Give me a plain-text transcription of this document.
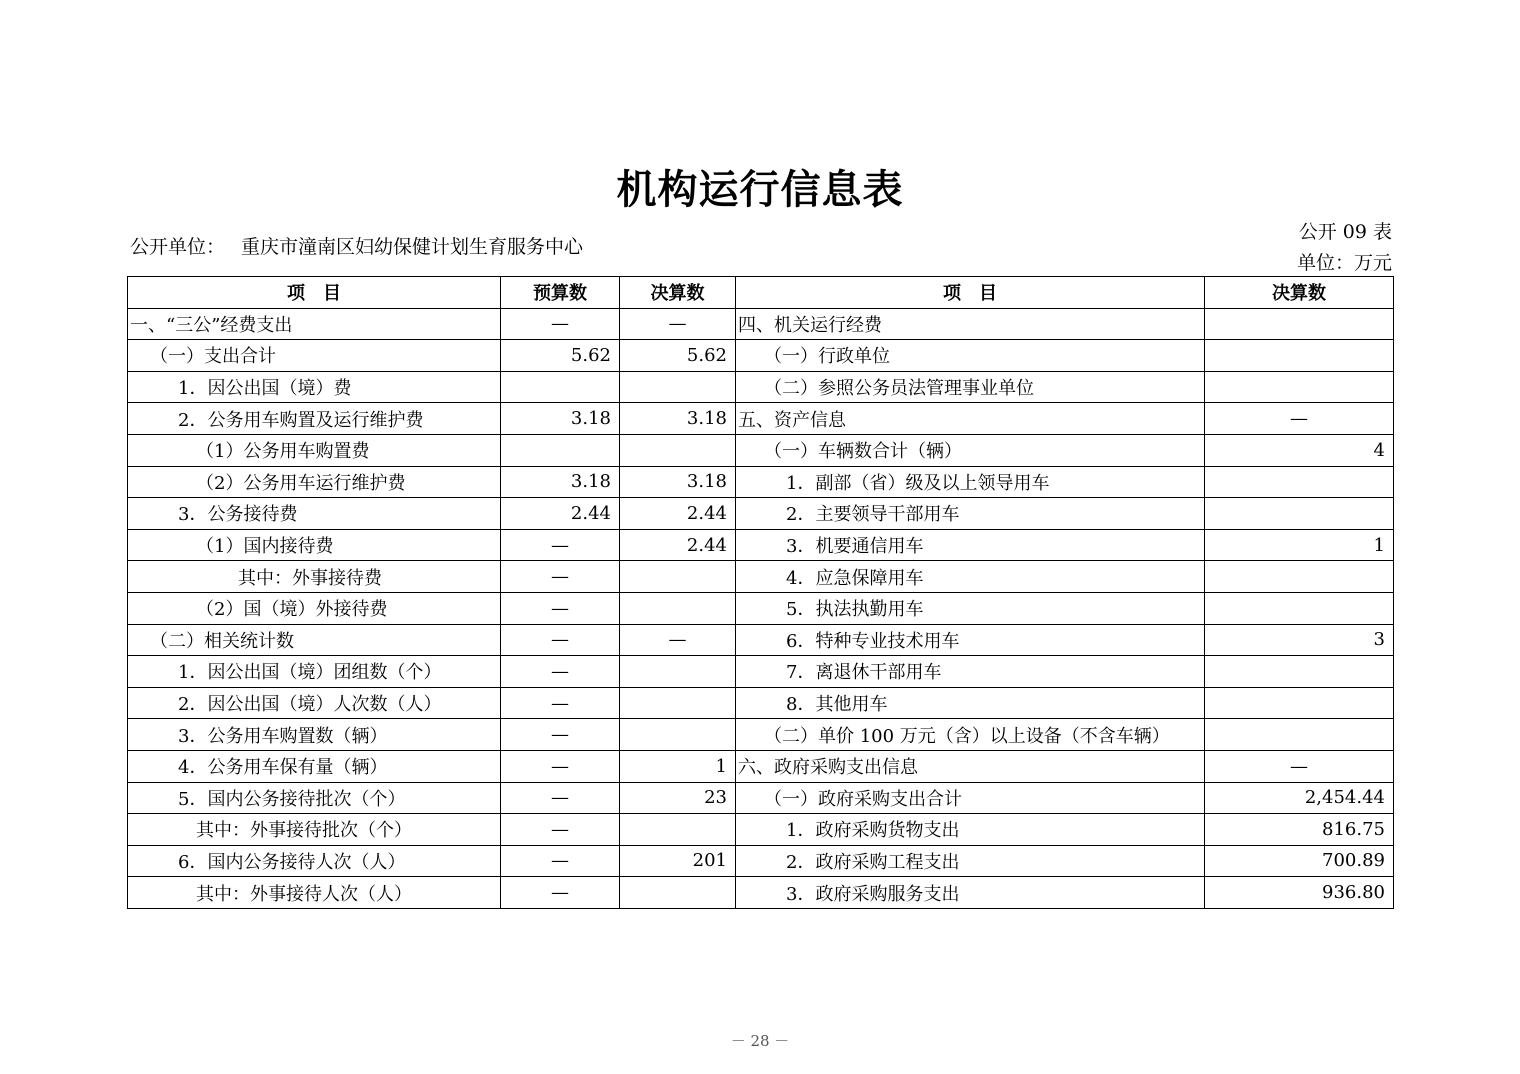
机构运行信息表
公开单位： 重庆市潼南区妇幼保健计划生育服务中心
公开 09 表
单位：万元
项　目	预算数	决算数	项　目	决算数
一、“三公”经费支出	—	—	四、机关运行经费	
（一）支出合计	5.62	5.62	（一）行政单位	
1．因公出国（境）费			（二）参照公务员法管理事业单位	
2．公务用车购置及运行维护费	3.18	3.18	五、资产信息	—
（1）公务用车购置费			（一）车辆数合计（辆）	4
（2）公务用车运行维护费	3.18	3.18	1．副部（省）级及以上领导用车	
3．公务接待费	2.44	2.44	2．主要领导干部用车	
（1）国内接待费	—	2.44	3．机要通信用车	1
其中：外事接待费	—		4．应急保障用车	
（2）国（境）外接待费	—		5．执法执勤用车	
（二）相关统计数	—	—	6．特种专业技术用车	3
1．因公出国（境）团组数（个）	—		7．离退休干部用车	
2．因公出国（境）人次数（人）	—		8．其他用车	
3．公务用车购置数（辆）	—		（二）单价 100 万元（含）以上设备（不含车辆）	
4．公务用车保有量（辆）	—	1	六、政府采购支出信息	—
5．国内公务接待批次（个）	—	23	（一）政府采购支出合计	2,454.44
其中：外事接待批次（个）	—		1．政府采购货物支出	816.75
6．国内公务接待人次（人）	—	201	2．政府采购工程支出	700.89
其中：外事接待人次（人）	—		3．政府采购服务支出	936.80
－ 28 －
